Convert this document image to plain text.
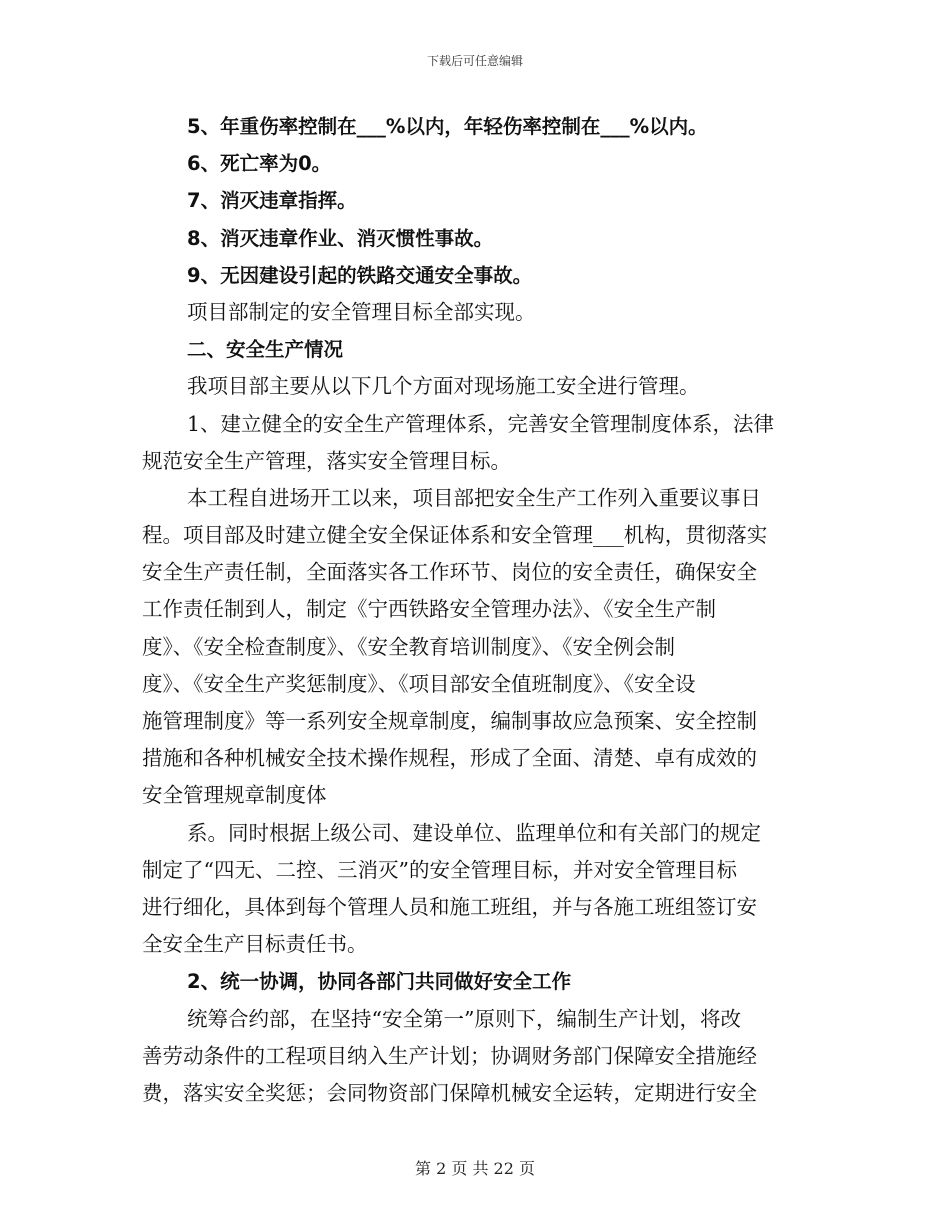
下载后可任意编辑
5、年重伤率控制在___%以内，年轻伤率控制在___%以内。
6、死亡率为0。
7、消灭违章指挥。
8、消灭违章作业、消灭惯性事故。
9、无因建设引起的铁路交通安全事故。
项目部制定的安全管理目标全部实现。
二、安全生产情况
我项目部主要从以下几个方面对现场施工安全进行管理。
1、建立健全的安全生产管理体系，完善安全管理制度体系，法律
规范安全生产管理，落实安全管理目标。
本工程自进场开工以来，项目部把安全生产工作列入重要议事日
程。项目部及时建立健全安全保证体系和安全管理___机构，贯彻落实
安全生产责任制，全面落实各工作环节、岗位的安全责任，确保安全
工作责任制到人，制定《宁西铁路安全管理办法》、《安全生产制
度》、《安全检查制度》、《安全教育培训制度》、《安全例会制
度》、《安全生产奖惩制度》、《项目部安全值班制度》、《安全设
施管理制度》等一系列安全规章制度，编制事故应急预案、安全控制
措施和各种机械安全技术操作规程，形成了全面、清楚、卓有成效的
安全管理规章制度体
系。同时根据上级公司、建设单位、监理单位和有关部门的规定
制定了“四无、二控、三消灭”的安全管理目标，并对安全管理目标
进行细化，具体到每个管理人员和施工班组，并与各施工班组签订安
全安全生产目标责任书。
2、统一协调，协同各部门共同做好安全工作
统筹合约部，在坚持“安全第一”原则下，编制生产计划，将改
善劳动条件的工程项目纳入生产计划；协调财务部门保障安全措施经
费，落实安全奖惩；会同物资部门保障机械安全运转，定期进行安全
第 2 页 共 22 页
